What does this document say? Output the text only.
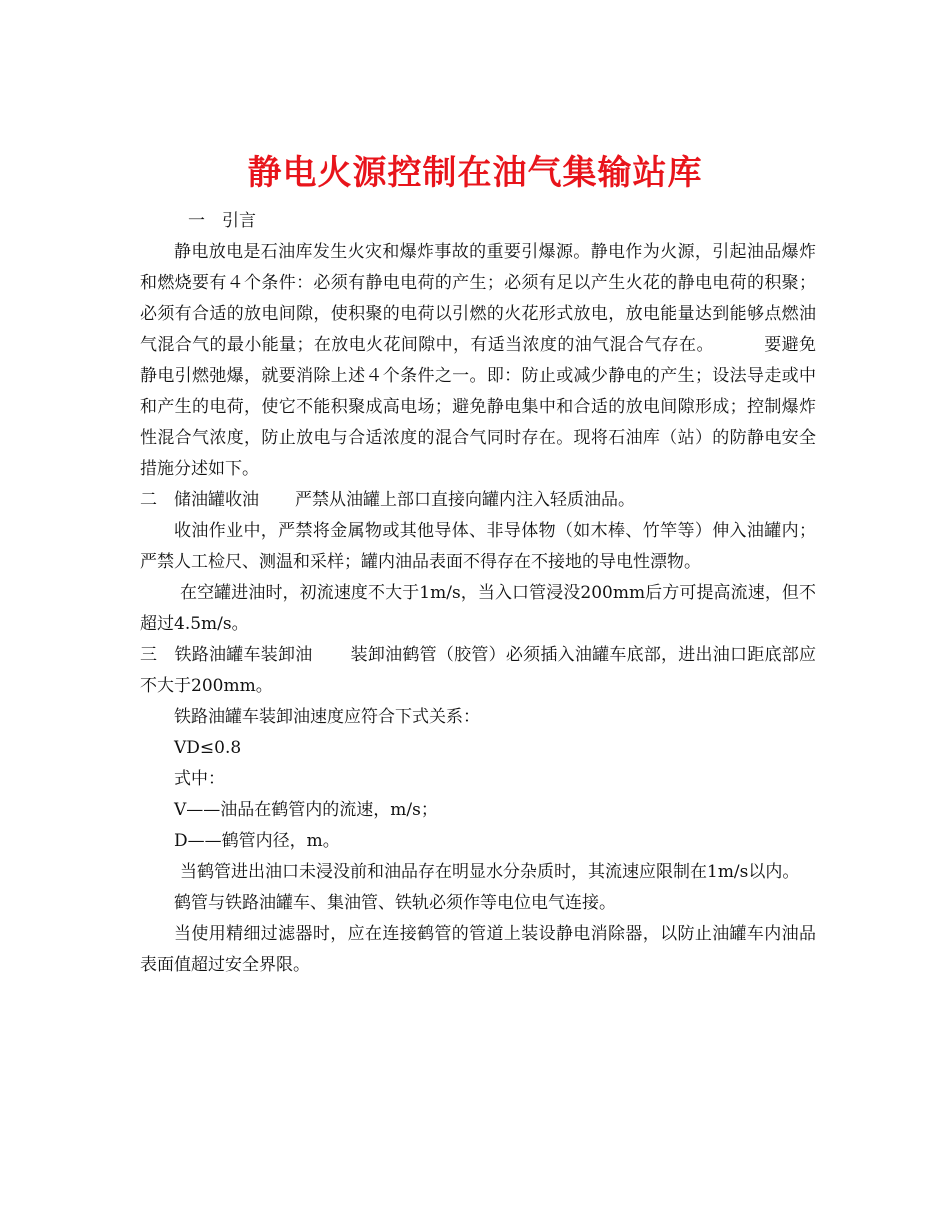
静电火源控制在油气集输站库

一　引言

静电放电是石油库发生火灾和爆炸事故的重要引爆源。静电作为火源，引起油品爆炸和燃烧要有４个条件：必须有静电电荷的产生；必须有足以产生火花的静电电荷的积聚；必须有合适的放电间隙，使积聚的电荷以引燃的火花形式放电，放电能量达到能够点燃油气混合气的最小能量；在放电火花间隙中，有适当浓度的油气混合气存在。	要避免静电引燃弛爆，就要消除上述４个条件之一。即：防止或减少静电的产生；设法导走或中和产生的电荷，使它不能积聚成高电场；避免静电集中和合适的放电间隙形成；控制爆炸性混合气浓度，防止放电与合适浓度的混合气同时存在。现将石油库（站）的防静电安全措施分述如下。

二　储油罐收油 严禁从油罐上部口直接向罐内注入轻质油品。

收油作业中，严禁将金属物或其他导体、非导体物（如木棒、竹竿等）伸入油罐内；严禁人工检尺、测温和采样；罐内油品表面不得存在不接地的导电性漂物。

在空罐进油时，初流速度不大于1m/s，当入口管浸没200mm后方可提高流速，但不超过4.5m/s。

三　铁路油罐车装卸油 装卸油鹤管（胶管）必须插入油罐车底部，进出油口距底部应不大于200mm。

铁路油罐车装卸油速度应符合下式关系：

VD≤0.8

式中：

V——油品在鹤管内的流速，m/s；

D——鹤管内径，m。

当鹤管进出油口未浸没前和油品存在明显水分杂质时，其流速应限制在1m/s以内。

鹤管与铁路油罐车、集油管、铁轨必须作等电位电气连接。

当使用精细过滤器时，应在连接鹤管的管道上装设静电消除器，以防止油罐车内油品表面值超过安全界限。
